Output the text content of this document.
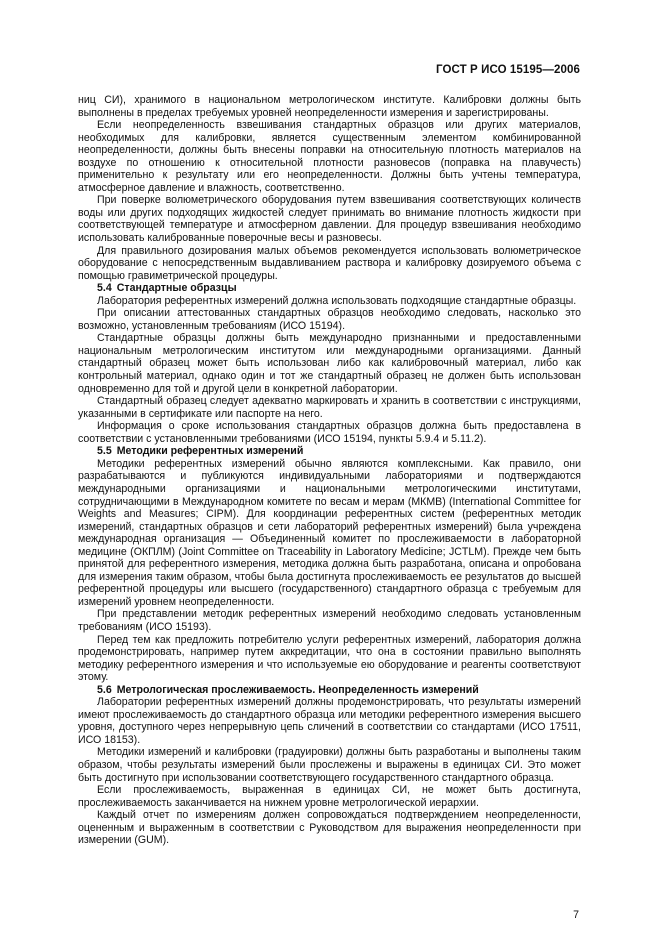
ГОСТ Р ИСО 15195—2006

ниц СИ), хранимого в национальном метрологическом институте. Калибровки должны быть выполнены в пределах требуемых уровней неопределенности измерения и зарегистрированы.

Если неопределенность взвешивания стандартных образцов или других материалов, необходимых для калибровки, является существенным элементом комбинированной неопределенности, должны быть внесены поправки на относительную плотность материалов на воздухе по отношению к относительной плотности разновесов (поправка на плавучесть) применительно к результату или его неопределенности. Должны быть учтены температура, атмосферное давление и влажность, соответственно.

При поверке волюметрического оборудования путем взвешивания соответствующих количеств воды или других подходящих жидкостей следует принимать во внимание плотность жидкости при соответствующей температуре и атмосферном давлении. Для процедур взвешивания необходимо использовать калиброванные поверочные весы и разновесы.

Для правильного дозирования малых объемов рекомендуется использовать волюметрическое оборудование с непосредственным выдавливанием раствора и калибровку дозируемого объема с помощью гравиметрической процедуры.

5.4 Стандартные образцы

Лаборатория референтных измерений должна использовать подходящие стандартные образцы.

При описании аттестованных стандартных образцов необходимо следовать, насколько это возможно, установленным требованиям (ИСО 15194).

Стандартные образцы должны быть международно признанными и предоставленными национальным метрологическим институтом или международными организациями. Данный стандартный образец может быть использован либо как калибровочный материал, либо как контрольный материал, однако один и тот же стандартный образец не должен быть использован одновременно для той и другой цели в конкретной лаборатории.

Стандартный образец следует адекватно маркировать и хранить в соответствии с инструкциями, указанными в сертификате или паспорте на него.

Информация о сроке использования стандартных образцов должна быть предоставлена в соответствии с установленными требованиями (ИСО 15194, пункты 5.9.4 и 5.11.2).

5.5 Методики референтных измерений

Методики референтных измерений обычно являются комплексными. Как правило, они разрабатываются и публикуются индивидуальными лабораториями и подтверждаются международными организациями и национальными метрологическими институтами, сотрудничающими в Международном комитете по весам и мерам (МКМВ) (International Committee for Weights and Measures; CIPM). Для координации референтных систем (референтных методик измерений, стандартных образцов и сети лабораторий референтных измерений) была учреждена международная организация — Объединенный комитет по прослеживаемости в лабораторной медицине (ОКПЛМ) (Joint Committee on Traceability in Laboratory Medicine; JCTLM). Прежде чем быть принятой для референтного измерения, методика должна быть разработана, описана и опробована для измерения таким образом, чтобы была достигнута прослеживаемость ее результатов до высшей референтной процедуры или высшего (государственного) стандартного образца с требуемым для измерений уровнем неопределенности.

При представлении методик референтных измерений необходимо следовать установленным требованиям (ИСО 15193).

Перед тем как предложить потребителю услуги референтных измерений, лаборатория должна продемонстрировать, например путем аккредитации, что она в состоянии правильно выполнять методику референтного измерения и что используемые ею оборудование и реагенты соответствуют этому.

5.6 Метрологическая прослеживаемость. Неопределенность измерений

Лаборатории референтных измерений должны продемонстрировать, что результаты измерений имеют прослеживаемость до стандартного образца или методики референтного измерения высшего уровня, доступного через непрерывную цепь сличений в соответствии со стандартами (ИСО 17511, ИСО 18153).

Методики измерений и калибровки (градуировки) должны быть разработаны и выполнены таким образом, чтобы результаты измерений были прослежены и выражены в единицах СИ. Это может быть достигнуто при использовании соответствующего государственного стандартного образца.

Если прослеживаемость, выраженная в единицах СИ, не может быть достигнута, прослеживаемость заканчивается на нижнем уровне метрологической иерархии.

Каждый отчет по измерениям должен сопровождаться подтверждением неопределенности, оцененным и выраженным в соответствии с Руководством для выражения неопределенности при измерении (GUM).

7
